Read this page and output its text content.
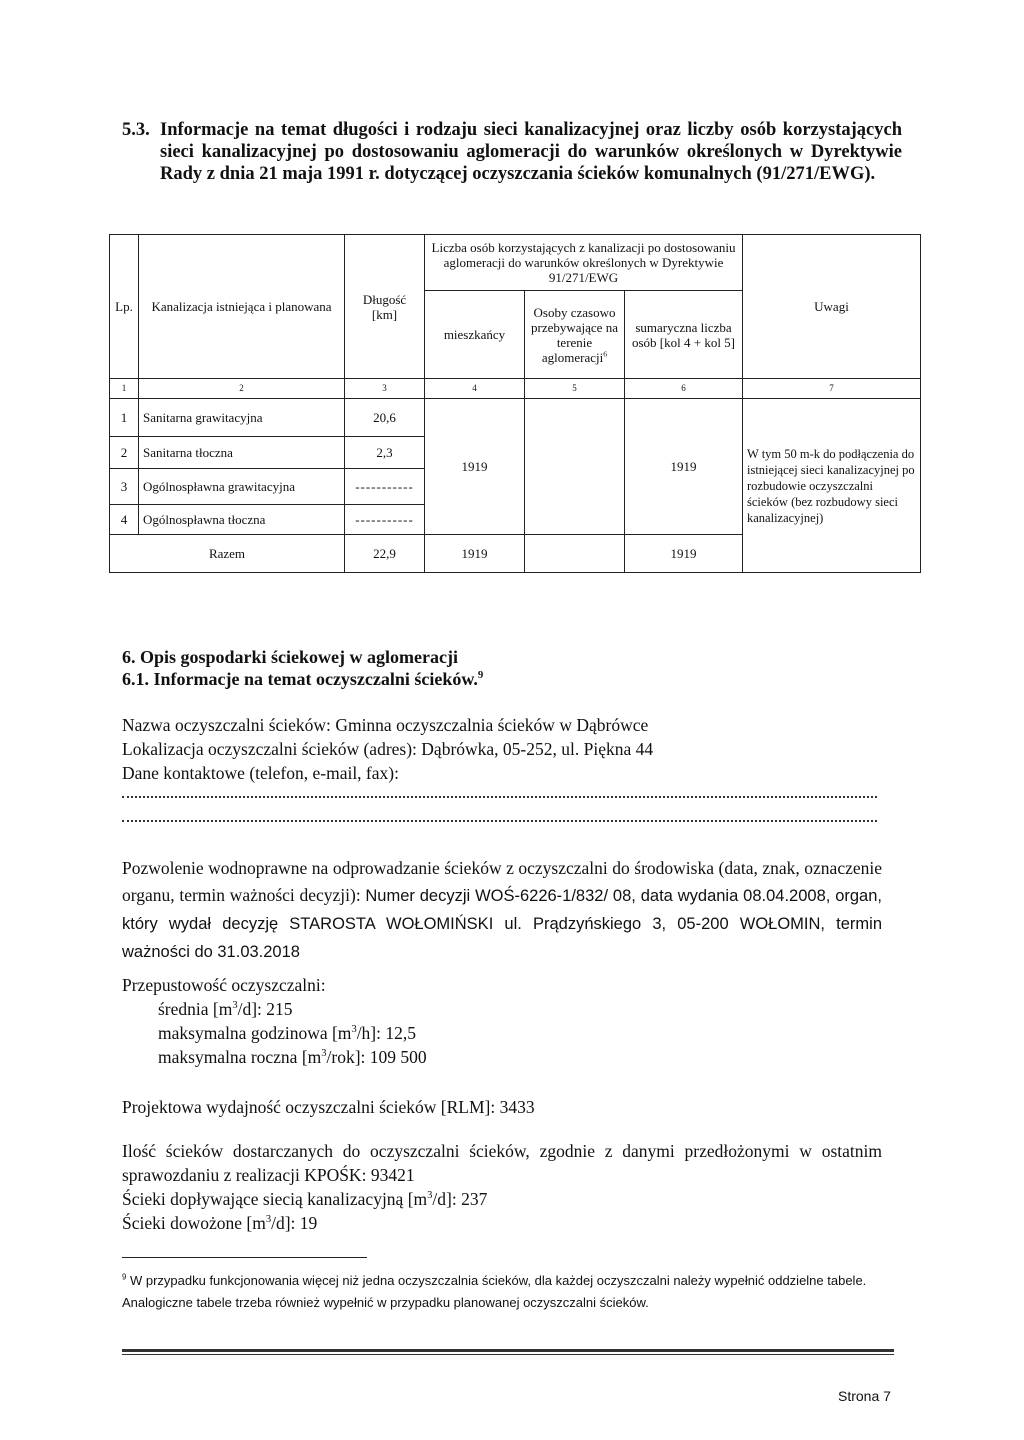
5.3. Informacje na temat długości i rodzaju sieci kanalizacyjnej oraz liczby osób korzystających sieci kanalizacyjnej po dostosowaniu aglomeracji do warunków określonych w Dyrektywie Rady z dnia 21 maja 1991 r. dotyczącej oczyszczania ścieków komunalnych (91/271/EWG).
Lp.	Kanalizacja istniejąca i planowana	Długość [km]	Liczba osób korzystających z kanalizacji po dostosowaniu aglomeracji do warunków określonych w Dyrektywie 91/271/EWG			Uwagi
			mieszkańcy	Osoby czasowo przebywające na terenie aglomeracji$^6$	sumaryczna liczba osób [kol 4 + kol 5]	
1	2	3	4	5	6	7
1	Sanitarna grawitacyjna	20,6	1919		1919	W tym 50 m-k do podłączenia do istniejącej sieci kanalizacyjnej po rozbudowie oczyszczalni ścieków (bez rozbudowy sieci kanalizacyjnej)
2	Sanitarna tłoczna	2,3				
3	Ogólnospławna grawitacyjna	-----------				
4	Ogólnospławna tłoczna	-----------				
Razem		22,9	1919		1919	
6. Opis gospodarki ściekowej w aglomeracji
6.1. Informacje na temat oczyszczalni ścieków.$^9$
Nazwa oczyszczalni ścieków: Gminna oczyszczalnia ścieków w Dąbrówce
Lokalizacja oczyszczalni ścieków (adres): Dąbrówka, 05-252, ul. Piękna 44
Dane kontaktowe (telefon, e-mail, fax):
Pozwolenie wodnoprawne na odprowadzanie ścieków z oczyszczalni do środowiska (data, znak, oznaczenie organu, termin ważności decyzji): Numer decyzji WOŚ-6226-1/832/ 08, data wydania 08.04.2008, organ, który wydał decyzję STAROSTA WOŁOMIŃSKI ul. Prądzyńskiego 3, 05-200 WOŁOMIN, termin ważności do 31.03.2018
Przepustowość oczyszczalni:
średnia $[m^3/d]$: 215
maksymalna godzinowa $[m^3/h]$: 12,5
maksymalna roczna $[m^3/rok]$: 109 500
Projektowa wydajność oczyszczalni ścieków [RLM]: 3433
Ilość ścieków dostarczanych do oczyszczalni ścieków, zgodnie z danymi przedłożonymi w ostatnim sprawozdaniu z realizacji KPOŚK: 93421
Ścieki dopływające siecią kanalizacyjną $[m^3/d]$: 237
Ścieki dowożone $[m^3/d]$: 19
$^9$ W przypadku funkcjonowania więcej niż jedna oczyszczalnia ścieków, dla każdej oczyszczalni należy wypełnić oddzielne tabele. Analogiczne tabele trzeba również wypełnić w przypadku planowanej oczyszczalni ścieków.
Strona 7
